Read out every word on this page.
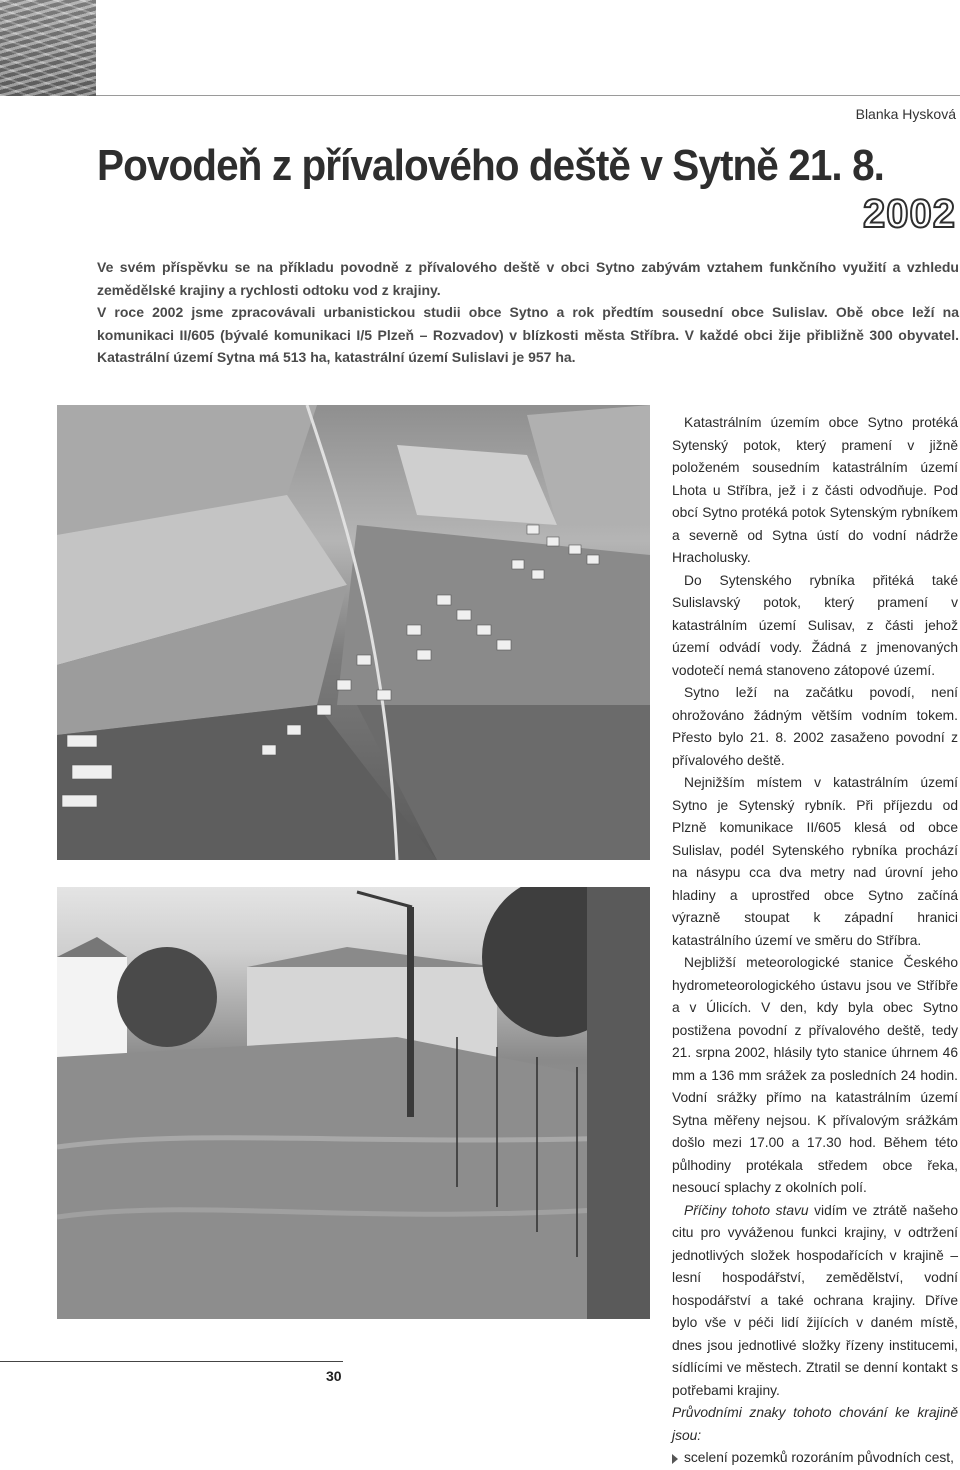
Blanka Hysková
Povodeň z přívalového deště v Sytně 21. 8.
2002

Ve svém příspěvku se na příkladu povodně z přívalového deště v obci Sytno zabývám vztahem funkčního využití a vzhledu zemědělské krajiny a rychlosti odtoku vod z krajiny.

V roce 2002 jsme zpracovávali urbanistickou studii obce Sytno a rok předtím sousední obce Sulislav. Obě obce leží na komunikaci II/605 (bývalé komunikaci I/5 Plzeň – Rozvadov) v blízkosti města Stříbra. V každé obci žije přibližně 300 obyvatel. Katastrální území Sytna má 513 ha, katastrální území Sulislavi je 957 ha.

Katastrálním územím obce Sytno protéká Sytenský potok, který pramení v jižně položeném sousedním katastrálním území Lhota u Stříbra, jež i z části odvodňuje. Pod obcí Sytno protéká potok Sytenským rybníkem a severně od Sytna ústí do vodní nádrže Hracholusky.

Do Sytenského rybníka přitéká také Sulislavský potok, který pramení v katastrálním území Sulisav, z části jehož území odvádí vody. Žádná z jmenovaných vodotečí nemá stanoveno zátopové území.

Sytno leží na začátku povodí, není ohrožováno žádným větším vodním tokem. Přesto bylo 21. 8. 2002 zasaženo povodní z přívalového deště.

Nejnižším místem v katastrálním území Sytno je Sytenský rybník. Při příjezdu od Plzně komunikace II/605 klesá od obce Sulislav, podél Sytenského rybníka prochází na násypu cca dva metry nad úrovní jeho hladiny a uprostřed obce Sytno začíná výrazně stoupat k západní hranici katastrálního území ve směru do Stříbra.

Nejbližší meteorologické stanice Českého hydrometeorologického ústavu jsou ve Stříbře a v Úlicích. V den, kdy byla obec Sytno postižena povodní z přívalového deště, tedy 21. srpna 2002, hlásily tyto stanice úhrnem 46 mm a 136 mm srážek za posledních 24 hodin. Vodní srážky přímo na katastrálním území Sytna měřeny nejsou. K přívalovým srážkám došlo mezi 17.00 a 17.30 hod. Během této půlhodiny protékala středem obce řeka, nesoucí splachy z okolních polí.

Příčiny tohoto stavu vidím ve ztrátě našeho citu pro vyváženou funkci krajiny, v odtržení jednotlivých složek hospodařících v krajině – lesní hospodářství, zemědělství, vodní hospodářství a také ochrana krajiny. Dříve bylo vše v péči lidí žijících v daném místě, dnes jsou jednotlivé složky řízeny institucemi, sídlícími ve městech. Ztratil se denní kontakt s potřebami krajiny.

Průvodními znaky tohoto chování ke krajině jsou:

scelení pozemků rozoráním původních cest,

30
